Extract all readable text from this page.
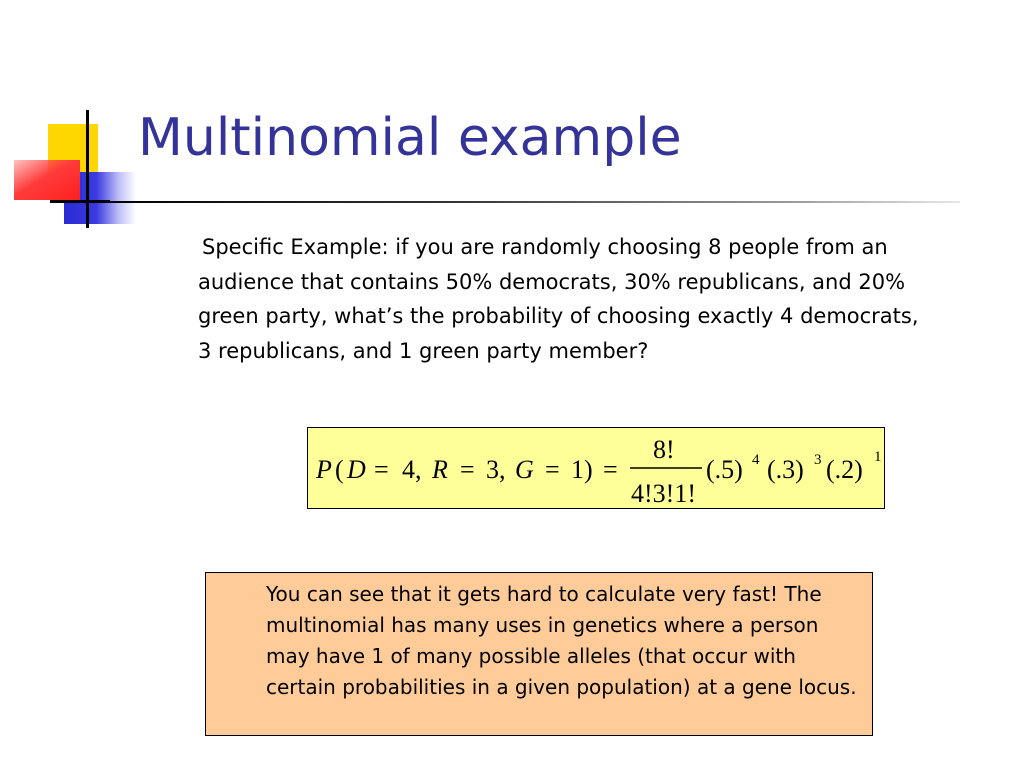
Multinomial example

Specific Example: if you are randomly choosing 8 people from an audience that contains 50% democrats, 30% republicans, and 20% green party, what’s the probability of choosing exactly 4 democrats, 3 republicans, and 1 green party member?

P ( D = 4, R = 3, G = 1 ) =
8!
4!3!1!
(.5) 4 (.3) 3 (.2) 1

You can see that it gets hard to calculate very fast! The multinomial has many uses in genetics where a person may have 1 of many possible alleles (that occur with certain probabilities in a given population) at a gene locus.
